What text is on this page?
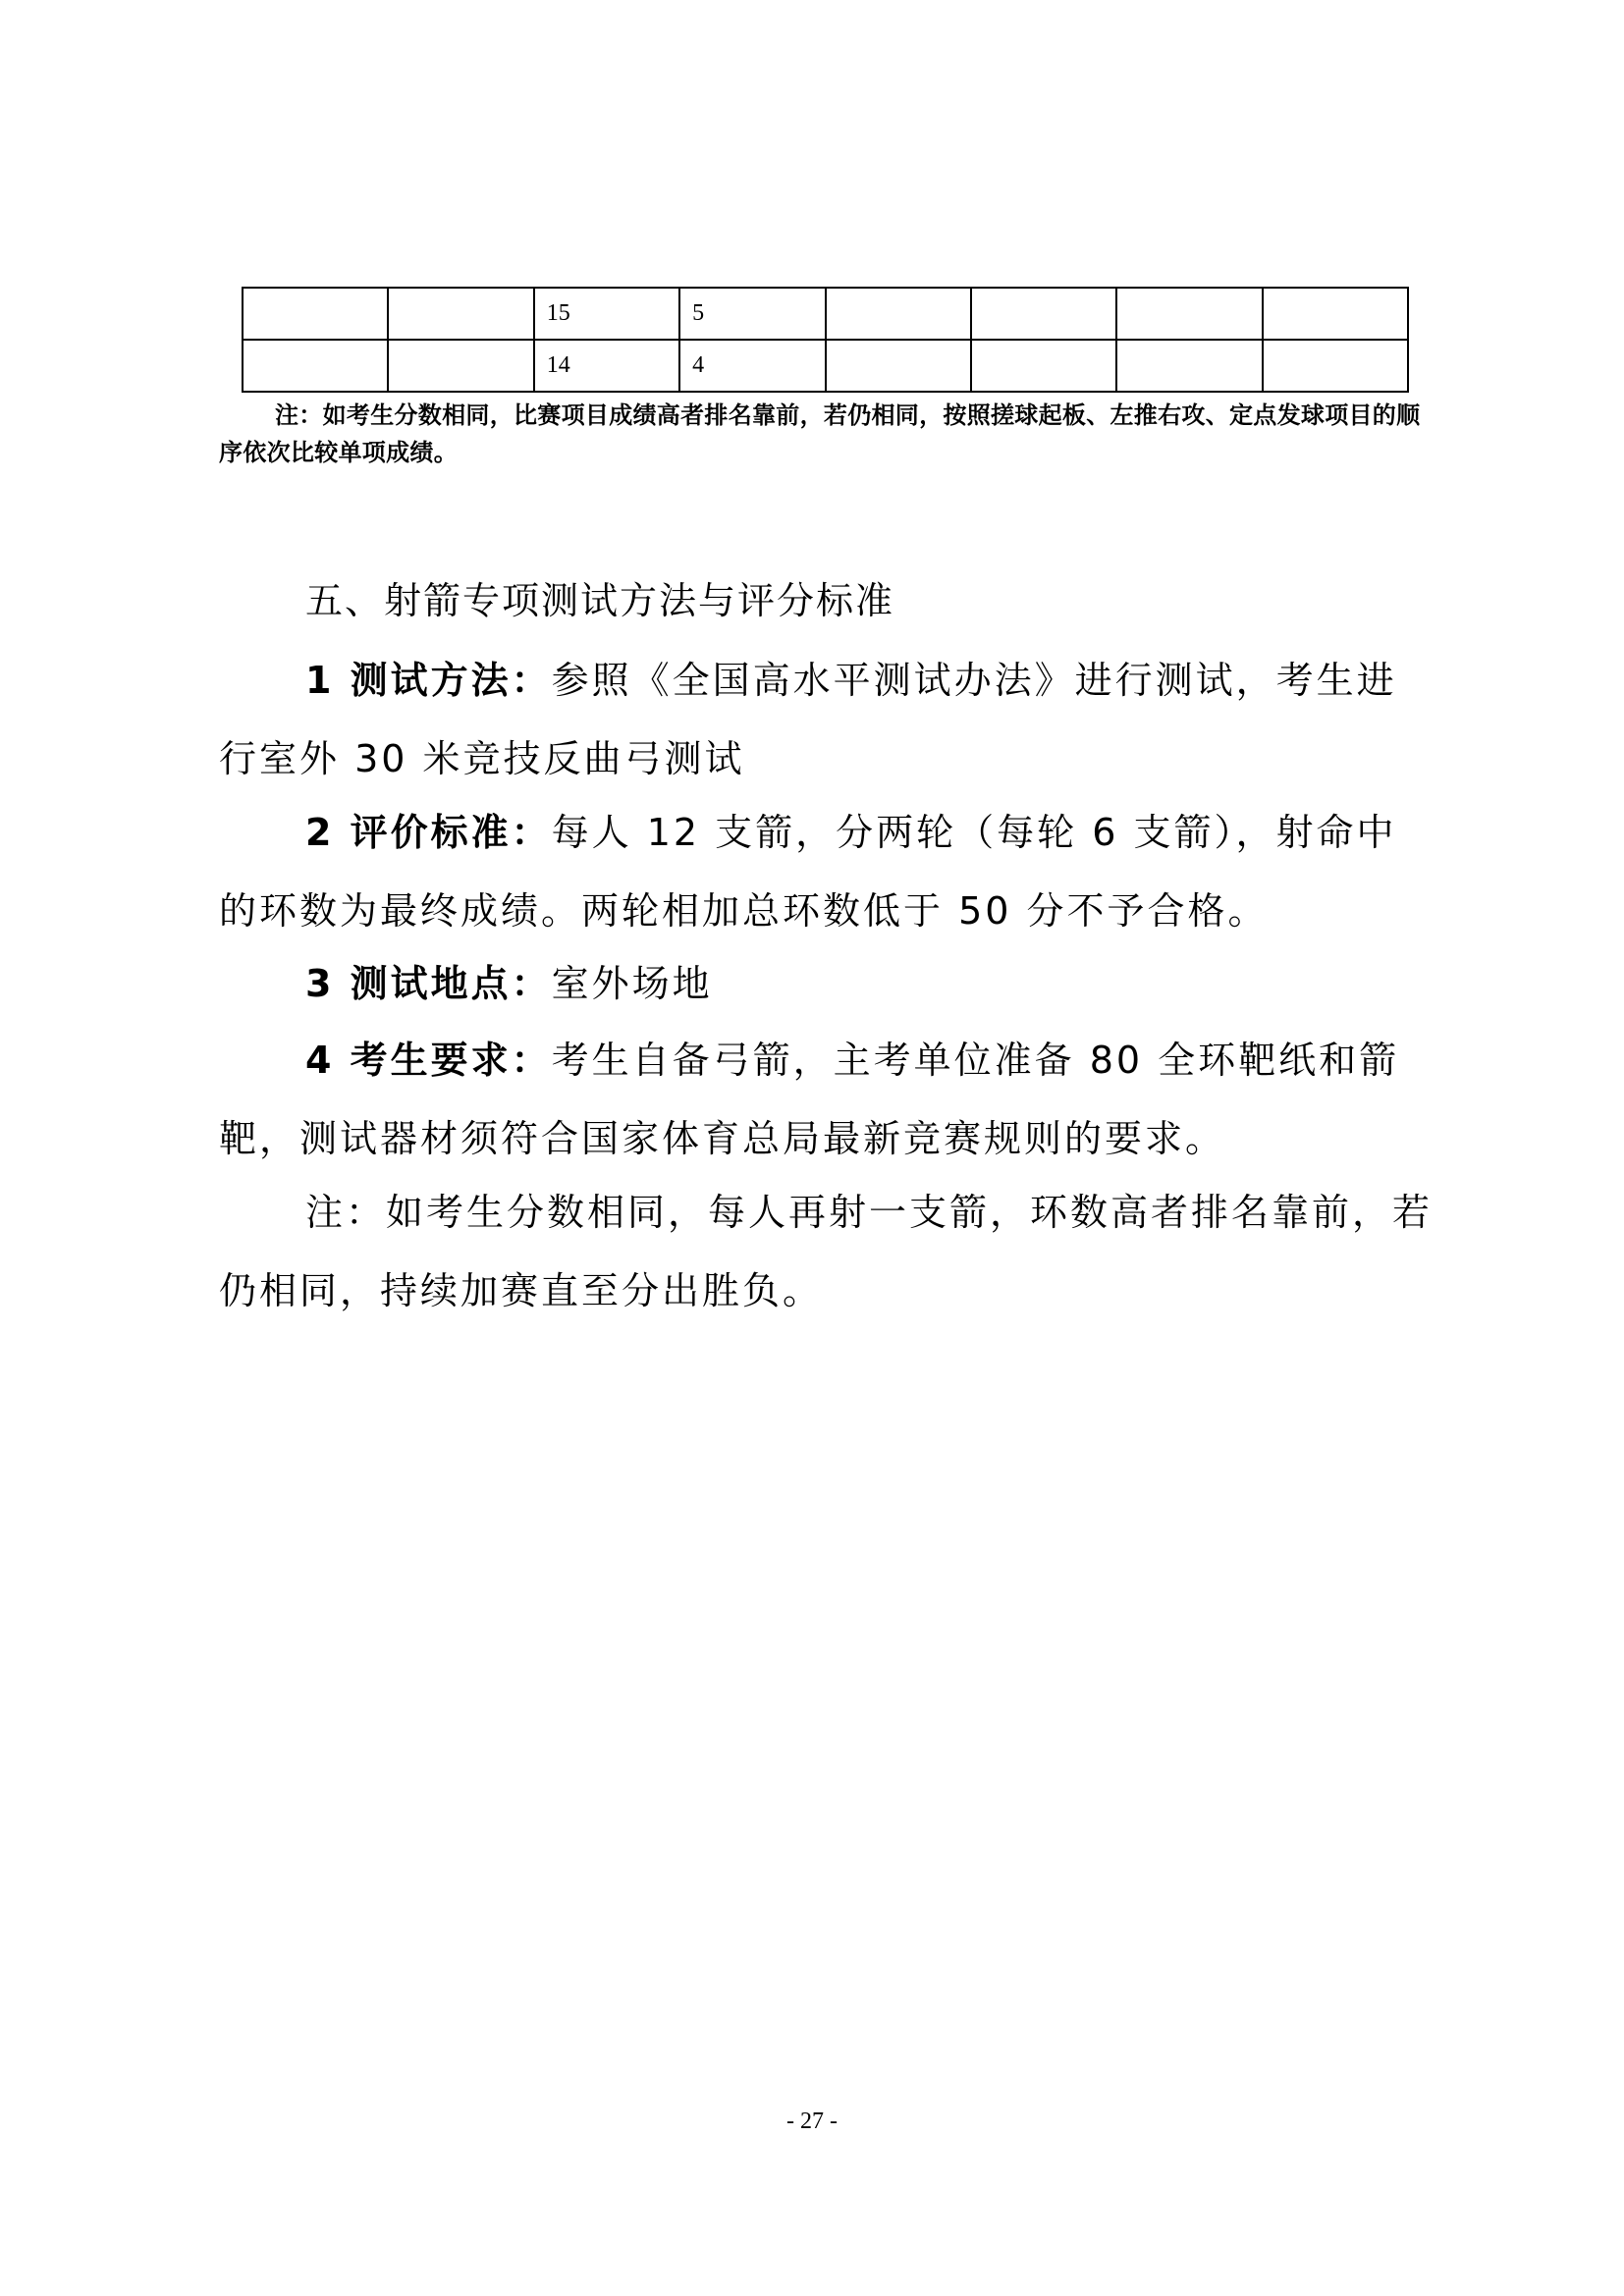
		15	5				
		14	4				
注：如考生分数相同，比赛项目成绩高者排名靠前，若仍相同，按照搓球起板、左推右攻、定点发球项目的顺序依次比较单项成绩。
五、射箭专项测试方法与评分标准
1 测试方法：参照《全国高水平测试办法》进行测试，考生进行室外 30 米竞技反曲弓测试
2 评价标准：每人 12 支箭，分两轮（每轮 6 支箭），射命中的环数为最终成绩。两轮相加总环数低于 50 分不予合格。
3 测试地点：室外场地
4 考生要求：考生自备弓箭，主考单位准备 80 全环靶纸和箭靶，测试器材须符合国家体育总局最新竞赛规则的要求。
注：如考生分数相同，每人再射一支箭，环数高者排名靠前，若仍相同，持续加赛直至分出胜负。
- 27 -
